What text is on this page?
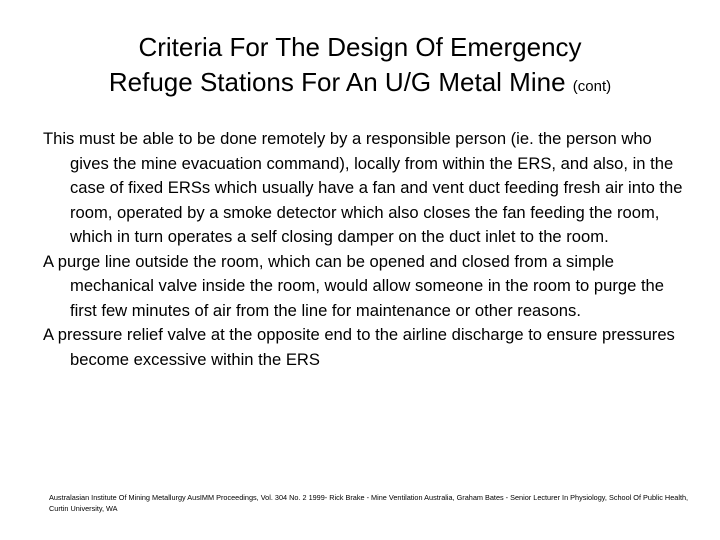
Criteria For The Design Of Emergency
Refuge Stations For An U/G Metal Mine (cont)

This must be able to be done remotely by a responsible person (ie. the person who gives the mine evacuation command), locally from within the ERS, and also, in the case of fixed ERSs which usually have a fan and vent duct feeding fresh air into the room, operated by a smoke detector which also closes the fan feeding the room, which in turn operates a self closing damper on the duct inlet to the room.

A purge line outside the room, which can be opened and closed from a simple mechanical valve inside the room, would allow someone in the room to purge the first few minutes of air from the line for maintenance or other reasons.

A pressure relief valve at the opposite end to the airline discharge to ensure pressures become excessive within the ERS

Australasian Institute Of Mining Metallurgy AusIMM Proceedings, Vol. 304 No. 2 1999- Rick Brake - Mine Ventilation Australia, Graham Bates - Senior Lecturer In Physiology, School Of Public Health, Curtin University, WA
